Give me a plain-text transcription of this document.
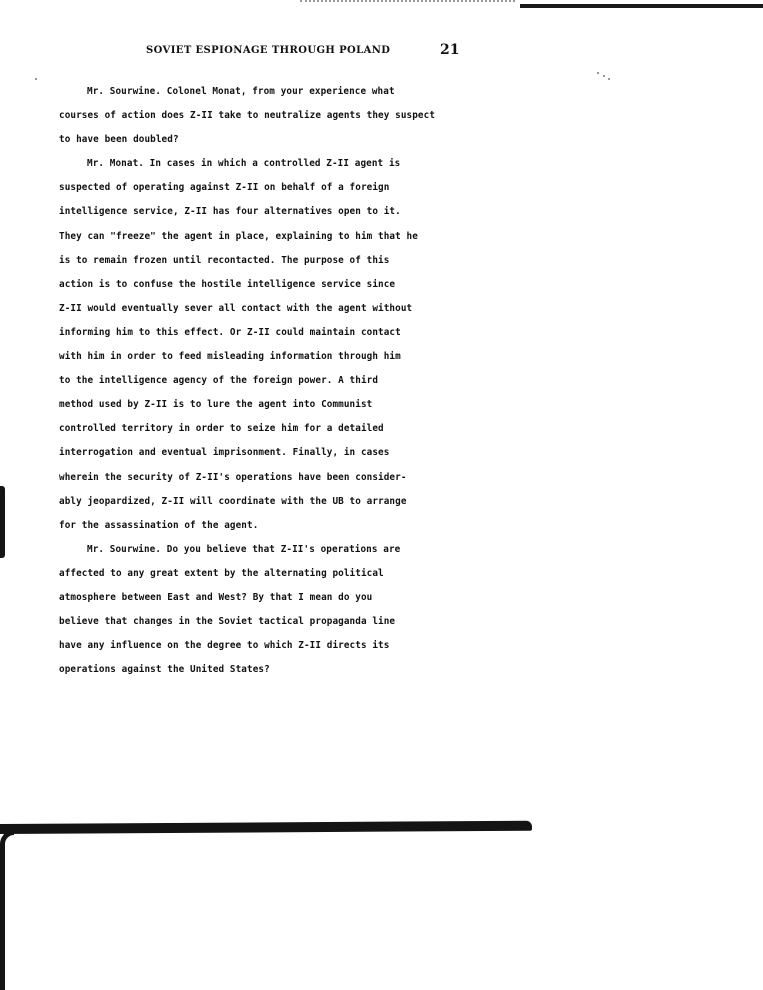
SOVIET ESPIONAGE THROUGH POLAND	21
Mr. Sourwine. Colonel Monat, from your experience what
courses of action does Z-II take to neutralize agents they suspect
to have been doubled?
Mr. Monat. In cases in which a controlled Z-II agent is
suspected of operating against Z-II on behalf of a foreign
intelligence service, Z-II has four alternatives open to it.
They can "freeze" the agent in place, explaining to him that he
is to remain frozen until recontacted. The purpose of this
action is to confuse the hostile intelligence service since
Z-II would eventually sever all contact with the agent without
informing him to this effect. Or Z-II could maintain contact
with him in order to feed misleading information through him
to the intelligence agency of the foreign power. A third
method used by Z-II is to lure the agent into Communist
controlled territory in order to seize him for a detailed
interrogation and eventual imprisonment. Finally, in cases
wherein the security of Z-II's operations have been consider-
ably jeopardized, Z-II will coordinate with the UB to arrange
for the assassination of the agent.
Mr. Sourwine. Do you believe that Z-II's operations are
affected to any great extent by the alternating political
atmosphere between East and West? By that I mean do you
believe that changes in the Soviet tactical propaganda line
have any influence on the degree to which Z-II directs its
operations against the United States?
